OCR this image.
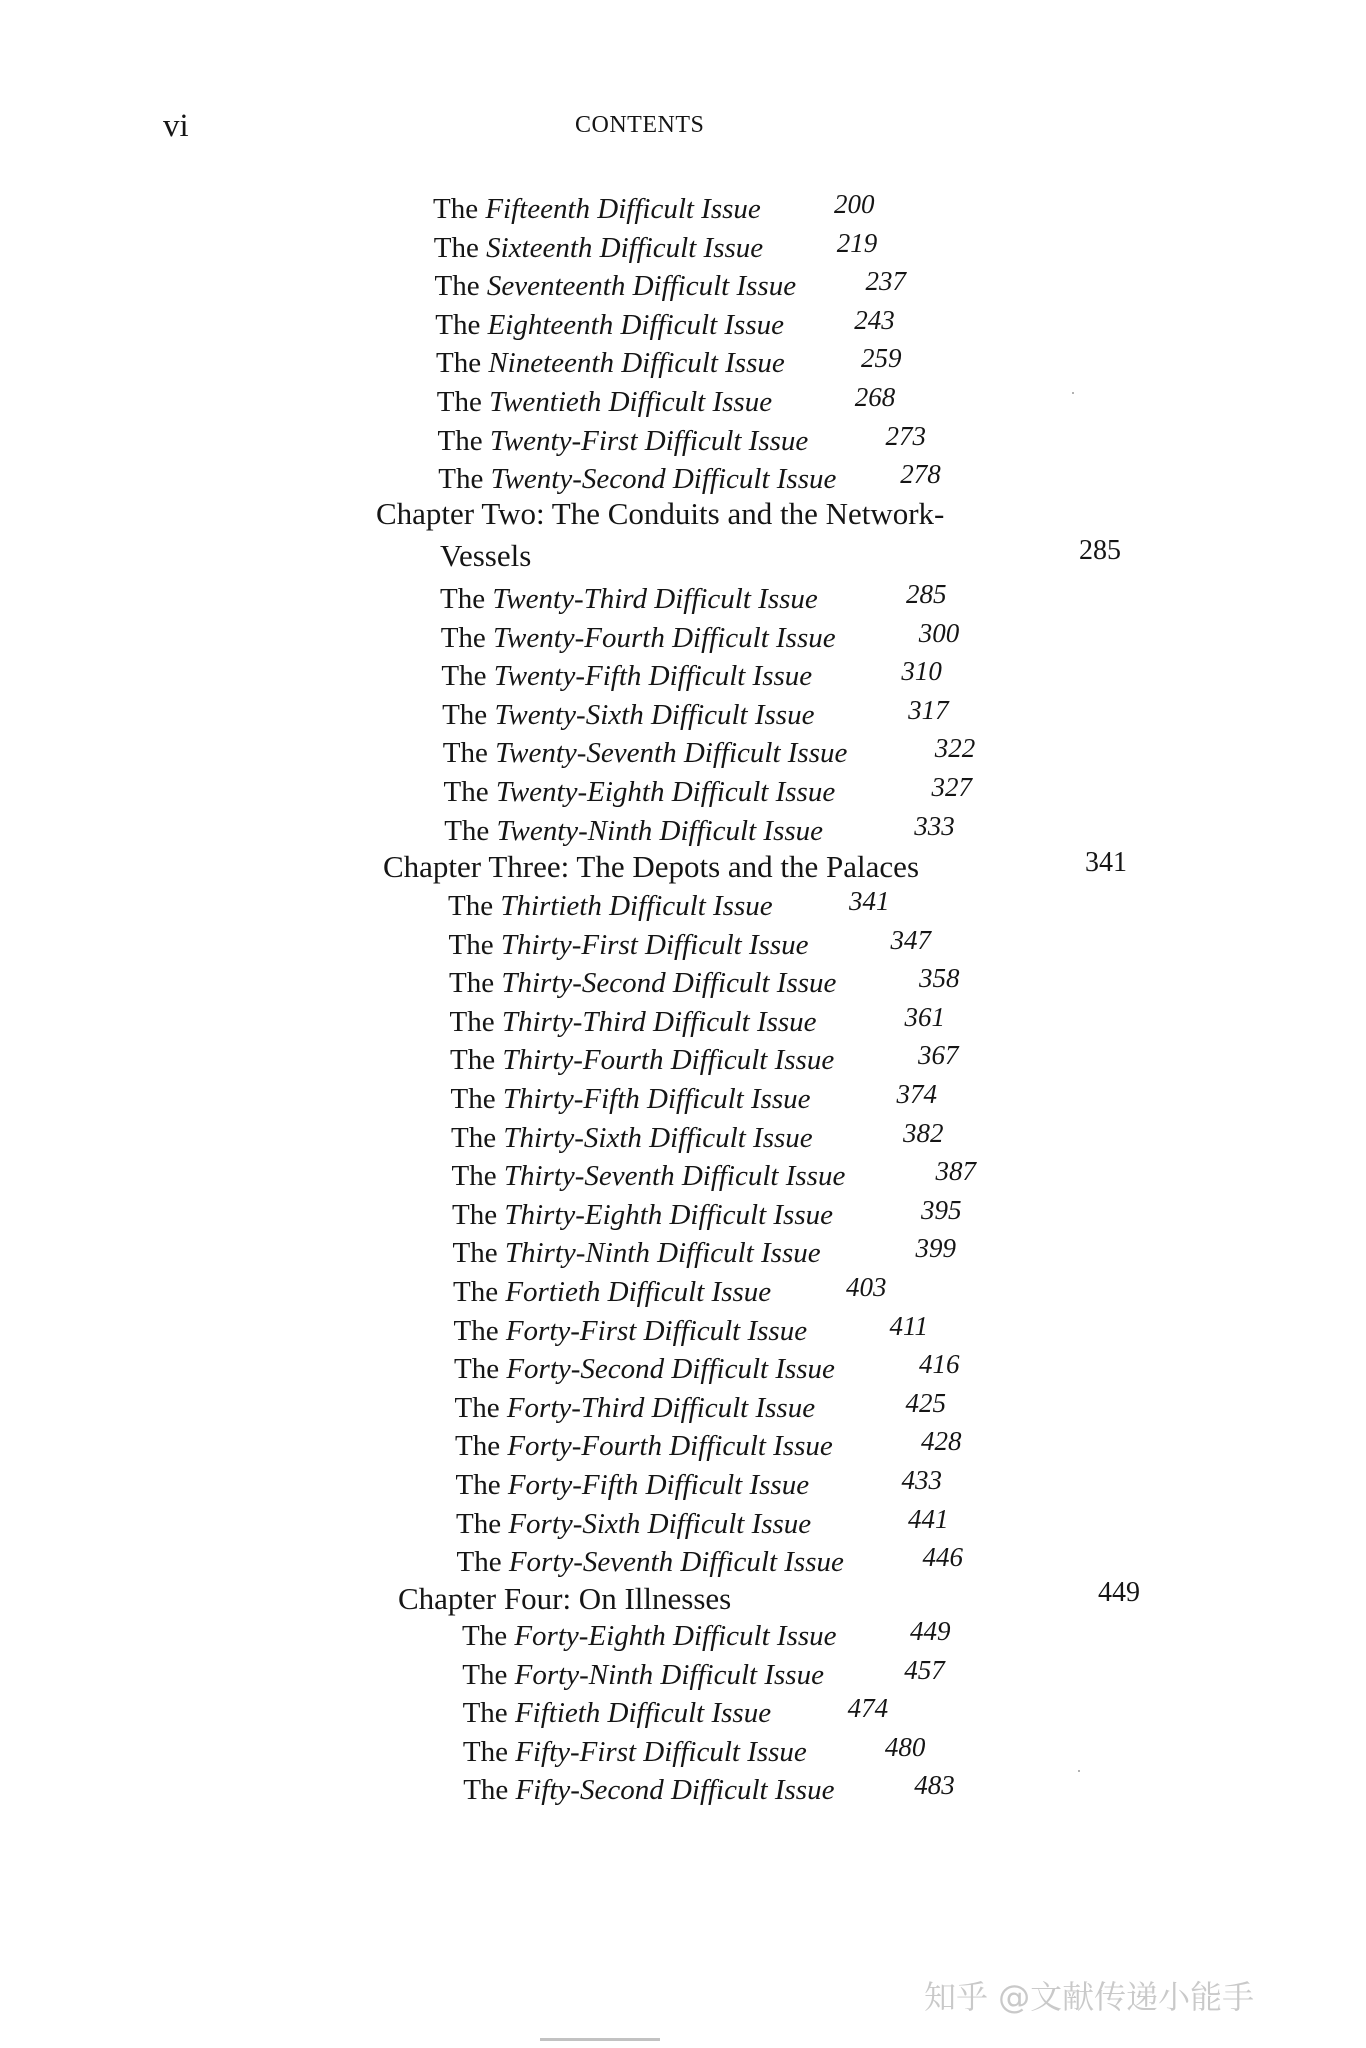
vi	CONTENTS
The Fifteenth Difficult Issue	200
The Sixteenth Difficult Issue	219
The Seventeenth Difficult Issue	237
The Eighteenth Difficult Issue	243
The Nineteenth Difficult Issue	259
The Twentieth Difficult Issue	268
The Twenty-First Difficult Issue	273
The Twenty-Second Difficult Issue 278
Chapter Two: The Conduits and the Network-
Vessels	285
The Twenty-Third Difficult Issue	285
The Twenty-Fourth Difficult Issue	300
The Twenty-Fifth Difficult Issue	310
The Twenty-Sixth Difficult Issue	317
The Twenty-Seventh Difficult Issue	322
The Twenty-Eighth Difficult Issue	327
The Twenty-Ninth Difficult Issue	333
Chapter Three: The Depots and the Palaces	341
The Thirtieth Difficult Issue	341
The Thirty-First Difficult Issue	347
The Thirty-Second Difficult Issue	358
The Thirty-Third Difficult Issue	361
The Thirty-Fourth Difficult Issue	367
The Thirty-Fifth Difficult Issue	374
The Thirty-Sixth Difficult Issue	382
The Thirty-Seventh Difficult Issue	387
The Thirty-Eighth Difficult Issue	395
The Thirty-Ninth Difficult Issue	399
The Fortieth Difficult Issue	403
The Forty-First Difficult Issue	411
The Forty-Second Difficult Issue	416
The Forty-Third Difficult Issue	425
The Forty-Fourth Difficult Issue	428
The Forty-Fifth Difficult Issue	433
The Forty-Sixth Difficult Issue	441
The Forty-Seventh Difficult Issue	446
Chapter Four: On Illnesses	449
The Forty-Eighth Difficult Issue	449
The Forty-Ninth Difficult Issue	457
The Fiftieth Difficult Issue	474
The Fifty-First Difficult Issue	480
The Fifty-Second Difficult Issue	483
知乎 @文献传递小能手
